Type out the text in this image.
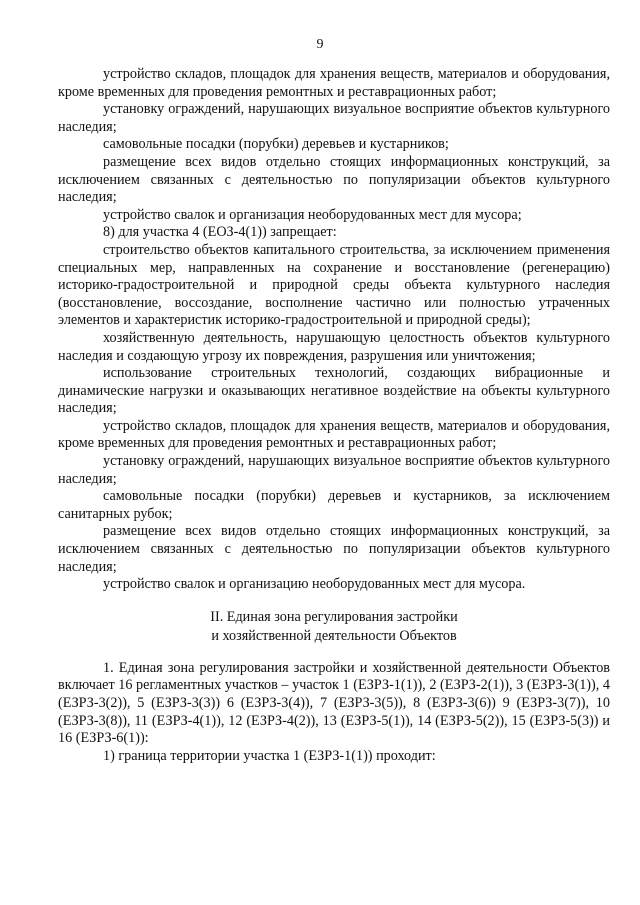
9

устройство складов, площадок для хранения веществ, материалов и оборудования, кроме временных для проведения ремонтных и реставрационных работ;

установку ограждений, нарушающих визуальное восприятие объектов культурного наследия;

самовольные посадки (порубки) деревьев и кустарников;

размещение всех видов отдельно стоящих информационных конструкций, за исключением связанных с деятельностью по популяризации объектов культурного наследия;

устройство свалок и организация необорудованных мест для мусора;

8) для участка 4 (ЕОЗ-4(1)) запрещает:

строительство объектов капитального строительства, за исключением применения специальных мер, направленных на сохранение и восстановление (регенерацию) историко-градостроительной и природной среды объекта культурного наследия (восстановление, воссоздание, восполнение частично или полностью утраченных элементов и характеристик историко-градостроительной и природной среды);

хозяйственную деятельность, нарушающую целостность объектов культурного наследия и создающую угрозу их повреждения, разрушения или уничтожения;

использование строительных технологий, создающих вибрационные и динамические нагрузки и оказывающих негативное воздействие на объекты культурного наследия;

устройство складов, площадок для хранения веществ, материалов и оборудования, кроме временных для проведения ремонтных и реставрационных работ;

установку ограждений, нарушающих визуальное восприятие объектов культурного наследия;

самовольные посадки (порубки) деревьев и кустарников, за исключением санитарных рубок;

размещение всех видов отдельно стоящих информационных конструкций, за исключением связанных с деятельностью по популяризации объектов культурного наследия;

устройство свалок и организацию необорудованных мест для мусора.

II. Единая зона регулирования застройки
и хозяйственной деятельности Объектов

1. Единая зона регулирования застройки и хозяйственной деятельности Объектов включает 16 регламентных участков – участок 1 (ЕЗРЗ-1(1)), 2 (ЕЗРЗ-2(1)), 3 (ЕЗРЗ-3(1)), 4 (ЕЗРЗ-3(2)), 5 (ЕЗРЗ-3(3)) 6 (ЕЗРЗ-3(4)), 7 (ЕЗРЗ-3(5)), 8 (ЕЗРЗ-3(6)) 9 (ЕЗРЗ-3(7)), 10 (ЕЗРЗ-3(8)), 11 (ЕЗРЗ-4(1)), 12 (ЕЗРЗ-4(2)), 13 (ЕЗРЗ-5(1)), 14 (ЕЗРЗ-5(2)), 15 (ЕЗРЗ-5(3)) и 16 (ЕЗРЗ-6(1)):

1) граница территории участка 1 (ЕЗРЗ-1(1)) проходит:
